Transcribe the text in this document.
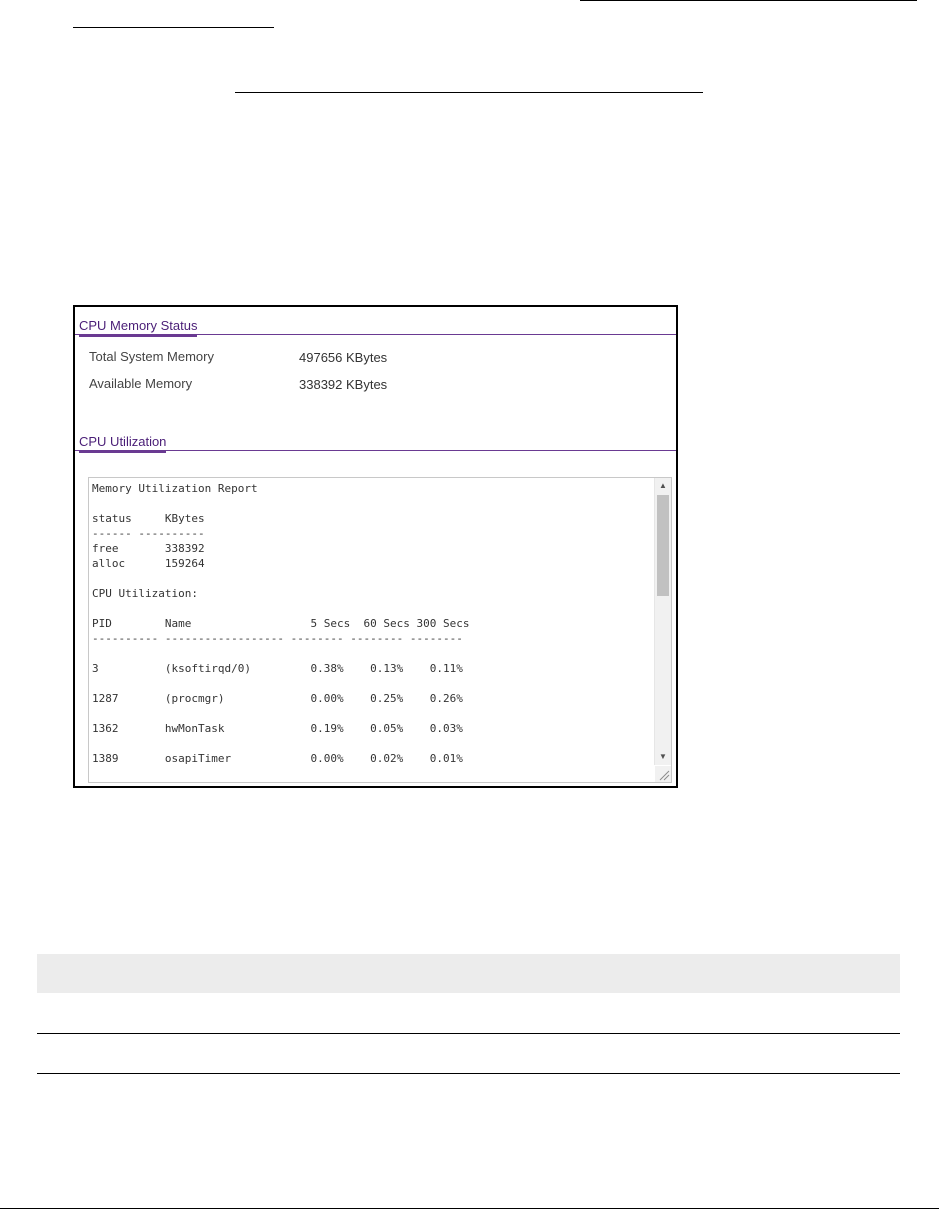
CPU Memory Status
Total System Memory	497656 KBytes
Available Memory	338392 KBytes
CPU Utilization
Memory Utilization Report

status     KBytes
------ ----------
free       338392
alloc      159264

CPU Utilization:

PID        Name                  5 Secs  60 Secs 300 Secs
---------- ------------------ -------- -------- --------

3          (ksoftirqd/0)         0.38%    0.13%    0.11%

1287       (procmgr)             0.00%    0.25%    0.26%

1362       hwMonTask             0.19%    0.05%    0.03%

1389       osapiTimer            0.00%    0.02%    0.01%
▲
▼
